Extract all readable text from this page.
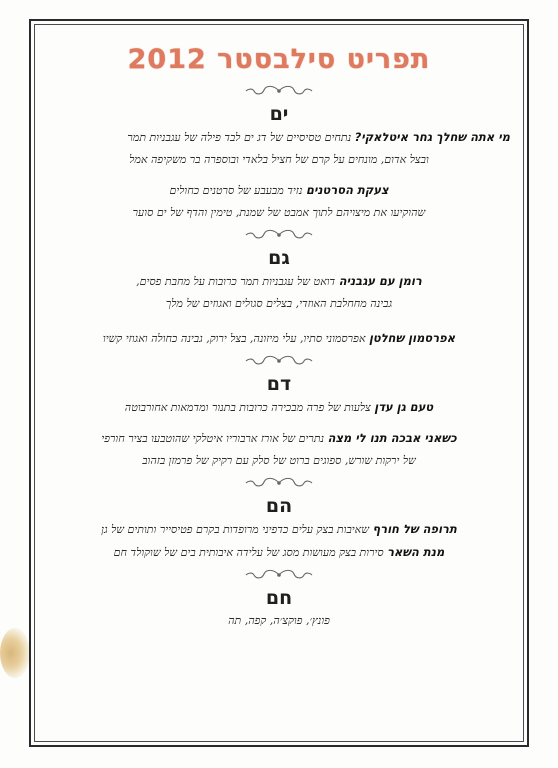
תפריט סילבסטר 2012
ים
מי אתה שחלך גחר איטלאקי? נתחים טסיסיים של דג ים לבד פילה של עגבניות תמר
ובצל אדום, מונחים על קרם של חציל בלאדי ובוספרה בר משקיפה אמל
צעקת הסרטנים נזיד מבעבע של סרטנים כחולים
שהוקיעו את מיצויהם לתוך אמבט של שמנת, טימין והדף של ים סוער
גם
רומן עם עגבניה דואט של עגבניות תמר כרובות על מחבת פסים,
גבינה מחחלבת האוזדי, בצלים סגולים ואגוזים של מלך
אפרסמון שחלטן אפרסמוני סתיו, עלי מיזונה, בצל ירוק, גבינה כחולה ואגוזי קשיו
דם
טעם גן עדן צלעות של פרה מבכירה כרובות בתנור ומדמאות אחורבוטה
כשאני אבכה תנו לי מצה נתרים של אורז ארבוריו איטלקי שהוטבעו בציר חורפי
של ירקות שורש, ספוגים ברוט של סלק עם רקיק של פרמזן בזהוב
הם
תרופה של חורף שאיבות בצק עלים כדפיני מרופדות בקרם פטיסייר ותותים של גן
מנת השאר סירות בצק מעושות מסג של עלידה איבותית בים של שוקולד חם
חם
פונץ׳, פוקצ׳ה, קפה, תה
